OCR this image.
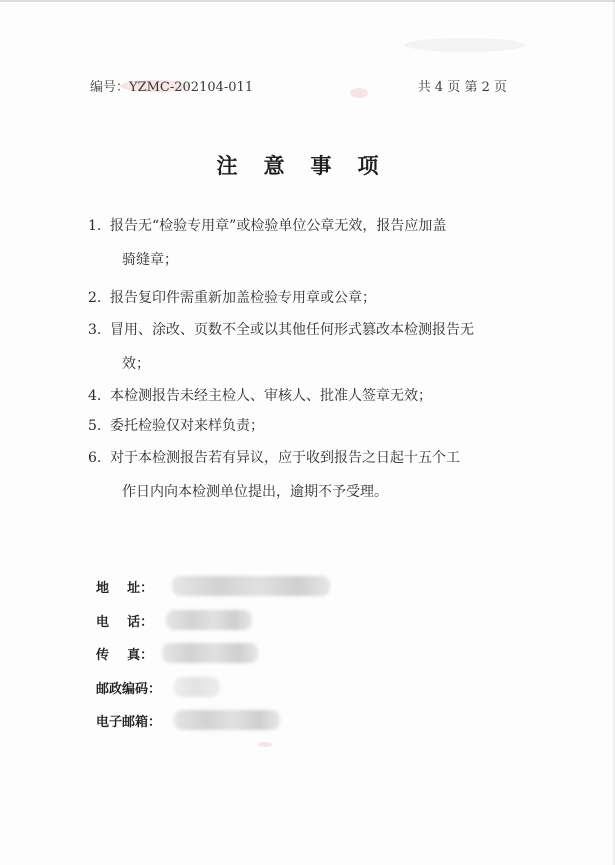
编号：YZMC-202104-011	共 4 页 第 2 页
注意事项
1. 报告无“检验专用章”或检验单位公章无效，报告应加盖
骑缝章；
2. 报告复印件需重新加盖检验专用章或公章；
3. 冒用、涂改、页数不全或以其他任何形式篡改本检测报告无
效；
4. 本检测报告未经主检人、审核人、批准人签章无效；
5. 委托检验仅对来样负责；
6. 对于本检测报告若有异议，应于收到报告之日起十五个工
作日内向本检测单位提出，逾期不予受理。
地    址：
电    话：
传    真：
邮政编码：
电子邮箱：
